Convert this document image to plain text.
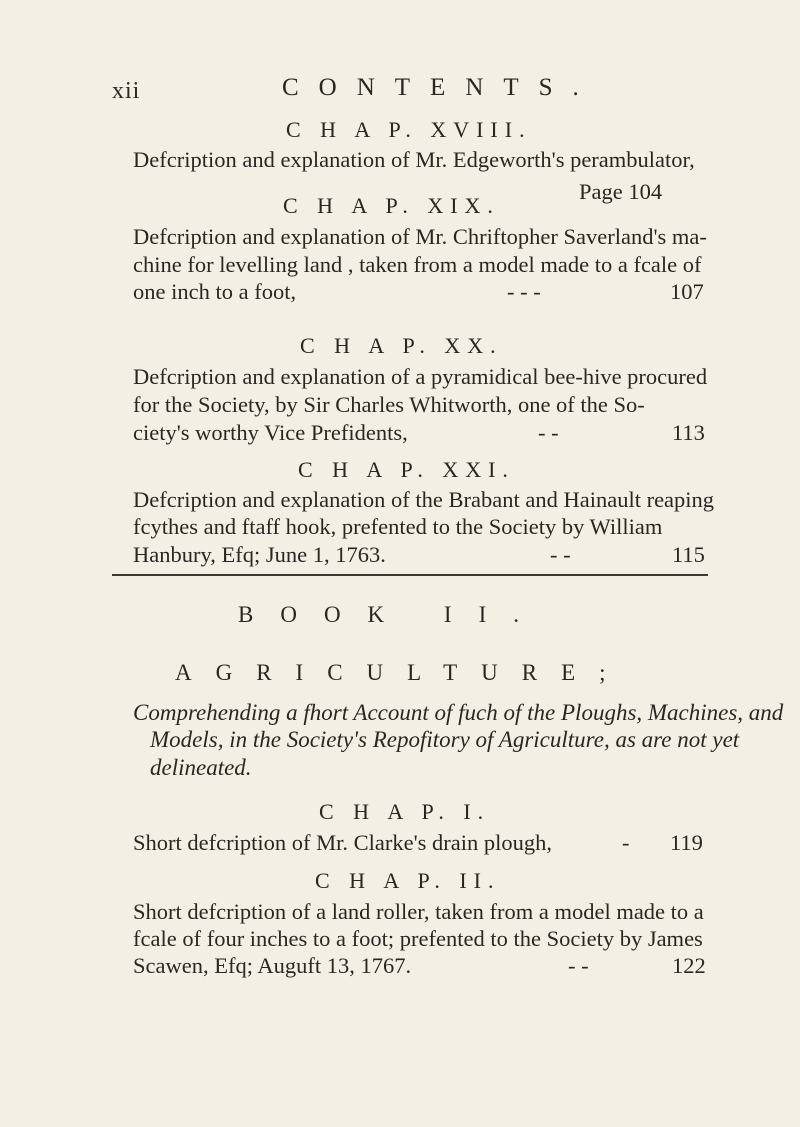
xii	CONTENTS.
C H A P. XVIII.
Defcription and explanation of Mr. Edgeworth's perambulator,
Page 104
C H A P. XIX.
Defcription and explanation of Mr. Chriftopher Saverland's ma-
chine for levelling land , taken from a model made to a fcale of
one inch to a foot,	- - -	107
C H A P. XX.
Defcription and explanation of a pyramidical bee-hive procured
for the Society, by Sir Charles Whitworth, one of the So-
ciety's worthy Vice Prefidents,	- -	113
C H A P. XXI.
Defcription and explanation of the Brabant and Hainault reaping
fcythes and ftaff hook, prefented to the Society by William
Hanbury, Efq; June 1, 1763.	- -	115
BOOK II.
AGRICULTURE;
Comprehending a fhort Account of fuch of the Ploughs, Machines, and
Models, in the Society's Repofitory of Agriculture, as are not yet
delineated.
C H A P. I.
Short defcription of Mr. Clarke's drain plough,	- 119
C H A P. II.
Short defcription of a land roller, taken from a model made to a
fcale of four inches to a foot; prefented to the Society by James
Scawen, Efq; Auguft 13, 1767.	- -	122
